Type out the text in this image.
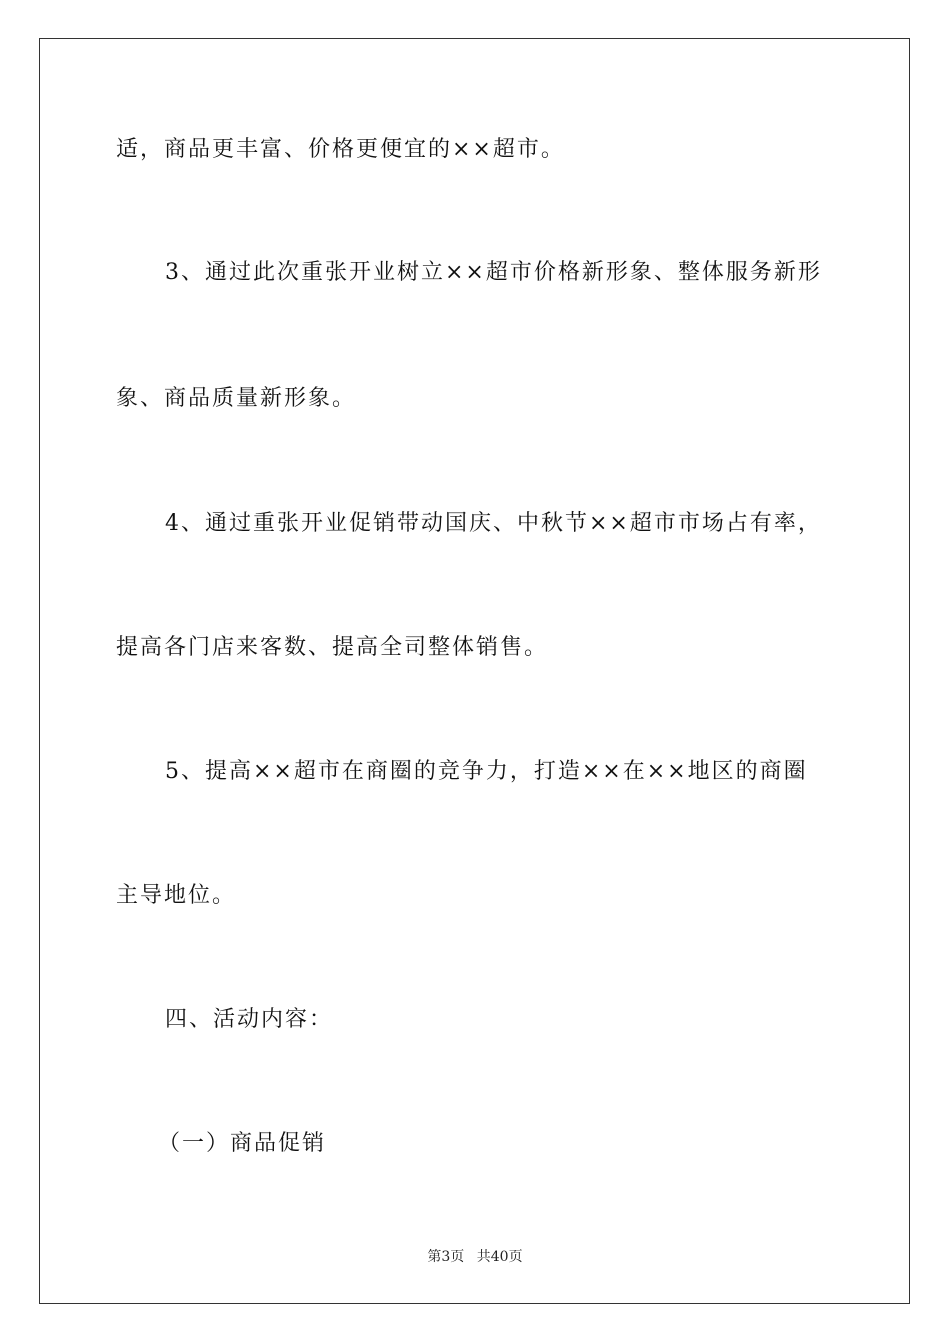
适，商品更丰富、价格更便宜的××超市。
3、通过此次重张开业树立××超市价格新形象、整体服务新形
象、商品质量新形象。
4、通过重张开业促销带动国庆、中秋节××超市市场占有率，
提高各门店来客数、提高全司整体销售。
5、提高××超市在商圈的竞争力，打造××在××地区的商圈
主导地位。
四、活动内容：
（一）商品促销
第3页 共40页
